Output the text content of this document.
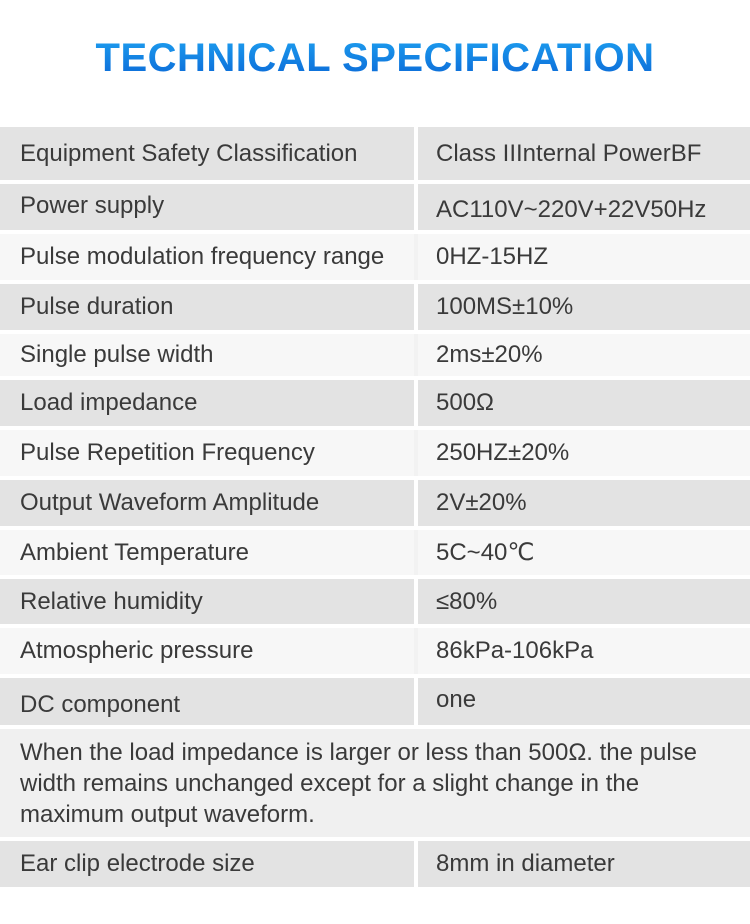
TECHNICAL SPECIFICATION
Equipment Safety Classification	Class IIInternal PowerBF
Power supply	AC110V~220V+22V50Hz
Pulse modulation frequency range	0HZ-15HZ
Pulse duration	100MS±10%
Single pulse width	2ms±20%
Load impedance	500Ω
Pulse Repetition Frequency	250HZ±20%
Output Waveform Amplitude	2V±20%
Ambient Temperature	5C~40℃
Relative humidity	≤80%
Atmospheric pressure	86kPa-106kPa
DC component	one
When the load impedance is larger or less than 500Ω. the pulse width remains unchanged except for a slight change in the maximum output waveform.
Ear clip electrode size	8mm in diameter
